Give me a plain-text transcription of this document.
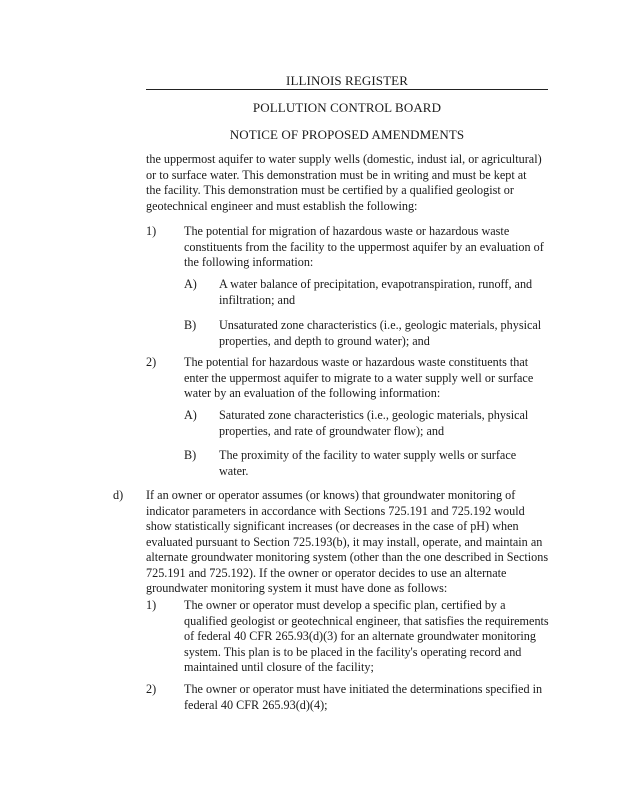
ILLINOIS REGISTER
POLLUTION CONTROL BOARD
NOTICE OF PROPOSED AMENDMENTS
the uppermost aquifer to water supply wells (domestic, indust ial, or agricultural)
or to surface water. This demonstration must be in writing and must be kept at
the facility. This demonstration must be certified by a qualified geologist or
geotechnical engineer and must establish the following:
1) The potential for migration of hazardous waste or hazardous waste
constituents from the facility to the uppermost aquifer by an evaluation of
the following information:
A) A water balance of precipitation, evapotranspiration, runoff, and
infiltration; and
B) Unsaturated zone characteristics (i.e., geologic materials, physical
properties, and depth to ground water); and
2) The potential for hazardous waste or hazardous waste constituents that
enter the uppermost aquifer to migrate to a water supply well or surface
water by an evaluation of the following information:
A) Saturated zone characteristics (i.e., geologic materials, physical
properties, and rate of groundwater flow); and
B) The proximity of the facility to water supply wells or surface
water.
d) If an owner or operator assumes (or knows) that groundwater monitoring of
indicator parameters in accordance with Sections 725.191 and 725.192 would
show statistically significant increases (or decreases in the case of pH) when
evaluated pursuant to Section 725.193(b), it may install, operate, and maintain an
alternate groundwater monitoring system (other than the one described in Sections
725.191 and 725.192). If the owner or operator decides to use an alternate
groundwater monitoring system it must have done as follows:
1) The owner or operator must develop a specific plan, certified by a
qualified geologist or geotechnical engineer, that satisfies the requirements
of federal 40 CFR 265.93(d)(3) for an alternate groundwater monitoring
system. This plan is to be placed in the facility's operating record and
maintained until closure of the facility;
2) The owner or operator must have initiated the determinations specified in
federal 40 CFR 265.93(d)(4);
